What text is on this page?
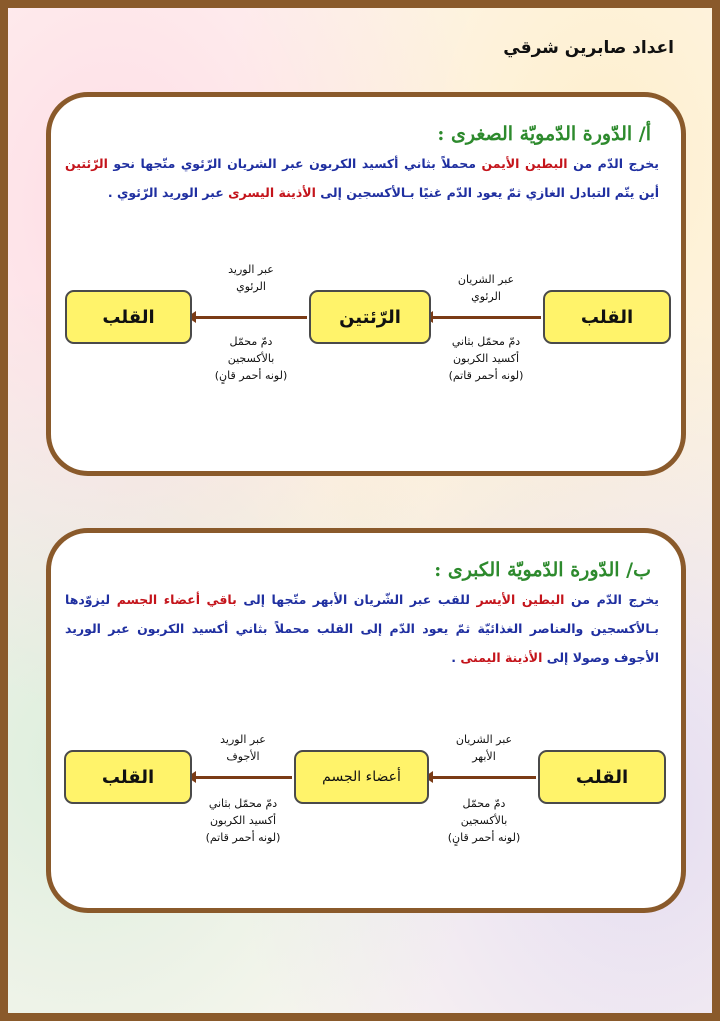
اعداد صابرين شرقي
أ/ الدّورة الدّمويّة الصغرى :
يخرج الدّم من البطين الأيمن محملاً بثاني أكسيد الكربون عبر الشريان الرّئوي متّجها نحو الرّئتين أين يتّم التبادل الغازي ثمّ يعود الدّم غنيًا بـالأكسجين إلى الأذينة اليسرى عبر الوريد الرّئوي .
القلب
عبر الشريان
الرئوي
دمّ محمّل بثاني
أكسيد الكربون
(لونه أحمر قاتم)
الرّئتين
عبر الوريد
الرئوي
دمّ محمّل
بالأكسجين
(لونه أحمر قانٍ)
القلب
ب/ الدّورة الدّمويّة الكبرى :
يخرج الدّم من البطين الأيسر للقب عبر الشّريان الأبهر متّجها إلى باقي أعضاء الجسم ليزوّدها بـالأكسجين والعناصر الغذائيّة ثمّ يعود الدّم إلى القلب محملاً بثاني أكسيد الكربون عبر الوريد الأجوف وصولا إلى الأذينة اليمنى .
القلب
عبر الشريان
الأبهر
دمّ محمّل
بالأكسجين
(لونه أحمر قانٍ)
أعضاء الجسم
عبر الوريد
الأجوف
دمّ محمّل بثاني
أكسيد الكربون
(لونه أحمر قاتم)
القلب
